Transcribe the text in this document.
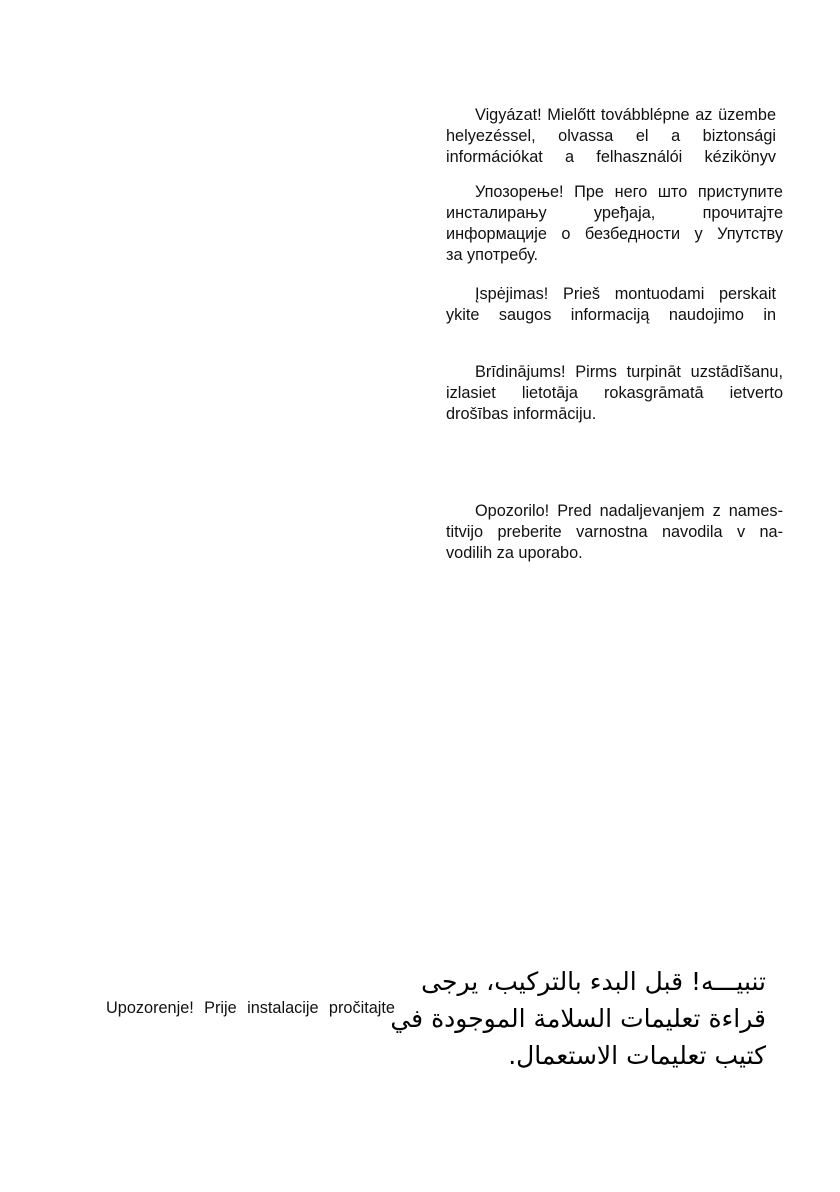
Vigyázat! Mielőtt továbblépne az üzembe
helyezéssel, olvassa el a biztonsági
információkat a felhasználói kézikönyv
Упозорење! Пре него што приступите
инсталирању уређаја, прочитајте
информације о безбедности у Упутству
за употребу.
Įspėjimas! Prieš montuodami perskait
ykite saugos informaciją naudojimo in
Brīdinājums! Pirms turpināt uzstādīšanu,
izlasiet lietotāja rokasgrāmatā ietverto
drošības informāciju.
Opozorilo! Pred nadaljevanjem z names-
titvijo preberite varnostna navodila v na-
vodilih za uporabo.
Upozorenje! Prije instalacije pročitajte
تنبيـــه! قبل البدء بالتركيب، يرجى
قراءة تعليمات السلامة الموجودة في
كتيب تعليمات الاستعمال.
